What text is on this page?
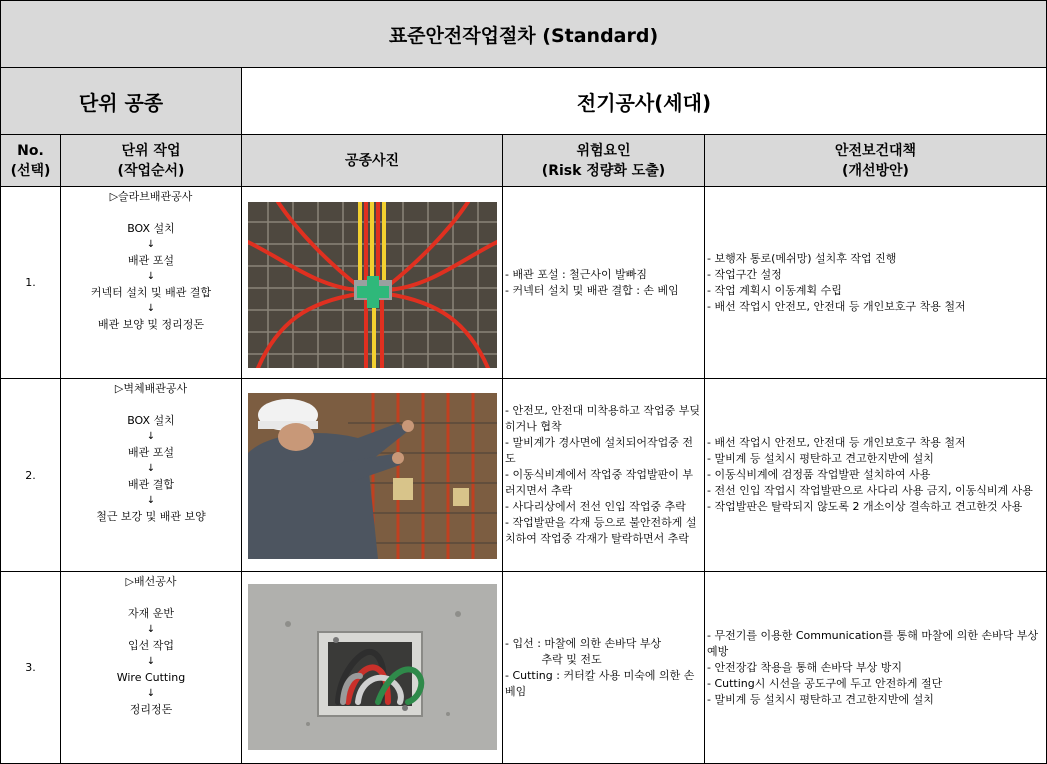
표준안전작업절차 (Standard)
단위 공종	전기공사(세대)
No.
(선택)
단위 작업
(작업순서)
공종사진
위험요인
(Risk 정량화 도출)
안전보건대책
(개선방안)
1.
▷슬라브배관공사
BOX 설치
↓
배관 포설
↓
커넥터 설치 및 배관 결합
↓
배관 보양 및 정리정돈
- 배관 포설 : 철근사이 발빠짐
- 커넥터 설치 및 배관 결합 : 손 베임
- 보행자 통로(메쉬망) 설치후 작업 진행
- 작업구간 설정
- 작업 계획시 이동계획 수립
- 배선 작업시 안전모, 안전대 등 개인보호구 착용 철저
2.
▷벽체배관공사
BOX 설치
↓
배관 포설
↓
배관 결합
↓
철근 보강 및 배관 보양
- 안전모, 안전대 미착용하고 작업중 부딪히거나 협착
- 말비계가 경사면에 설치되어작업중 전도
- 이동식비계에서 작업중 작업발판이 부러지면서 추락
- 사다리상에서 전선 인입 작업중 추락
- 작업발판을 각재 등으로 불안전하게 설치하여 작업중 각재가 탈락하면서 추락
- 배선 작업시 안전모, 안전대 등 개인보호구 착용 철저
- 말비계 등 설치시 평탄하고 견고한지반에 설치
- 이동식비계에 검정품 작업발판 설치하여 사용
- 전선 인입 작업시 작업발판으로 사다리 사용 금지, 이동식비계 사용
- 작업발판은 탈락되지 않도록 2 개소이상 결속하고 견고한것 사용
3.
▷배선공사
자재 운반
↓
입선 작업
↓
Wire Cutting
↓
정리정돈
- 입선 : 마찰에 의한 손바닥 부상
　　　 추락 및 전도
- Cutting : 커터칼 사용 미숙에 의한 손 베임
- 무전기를 이용한 Communication를 통해 마찰에 의한 손바닥 부상 예방
- 안전장갑 착용을 통해 손바닥 부상 방지
- Cutting시 시선을 공도구에 두고 안전하게 절단
- 말비계 등 설치시 평탄하고 견고한지반에 설치
